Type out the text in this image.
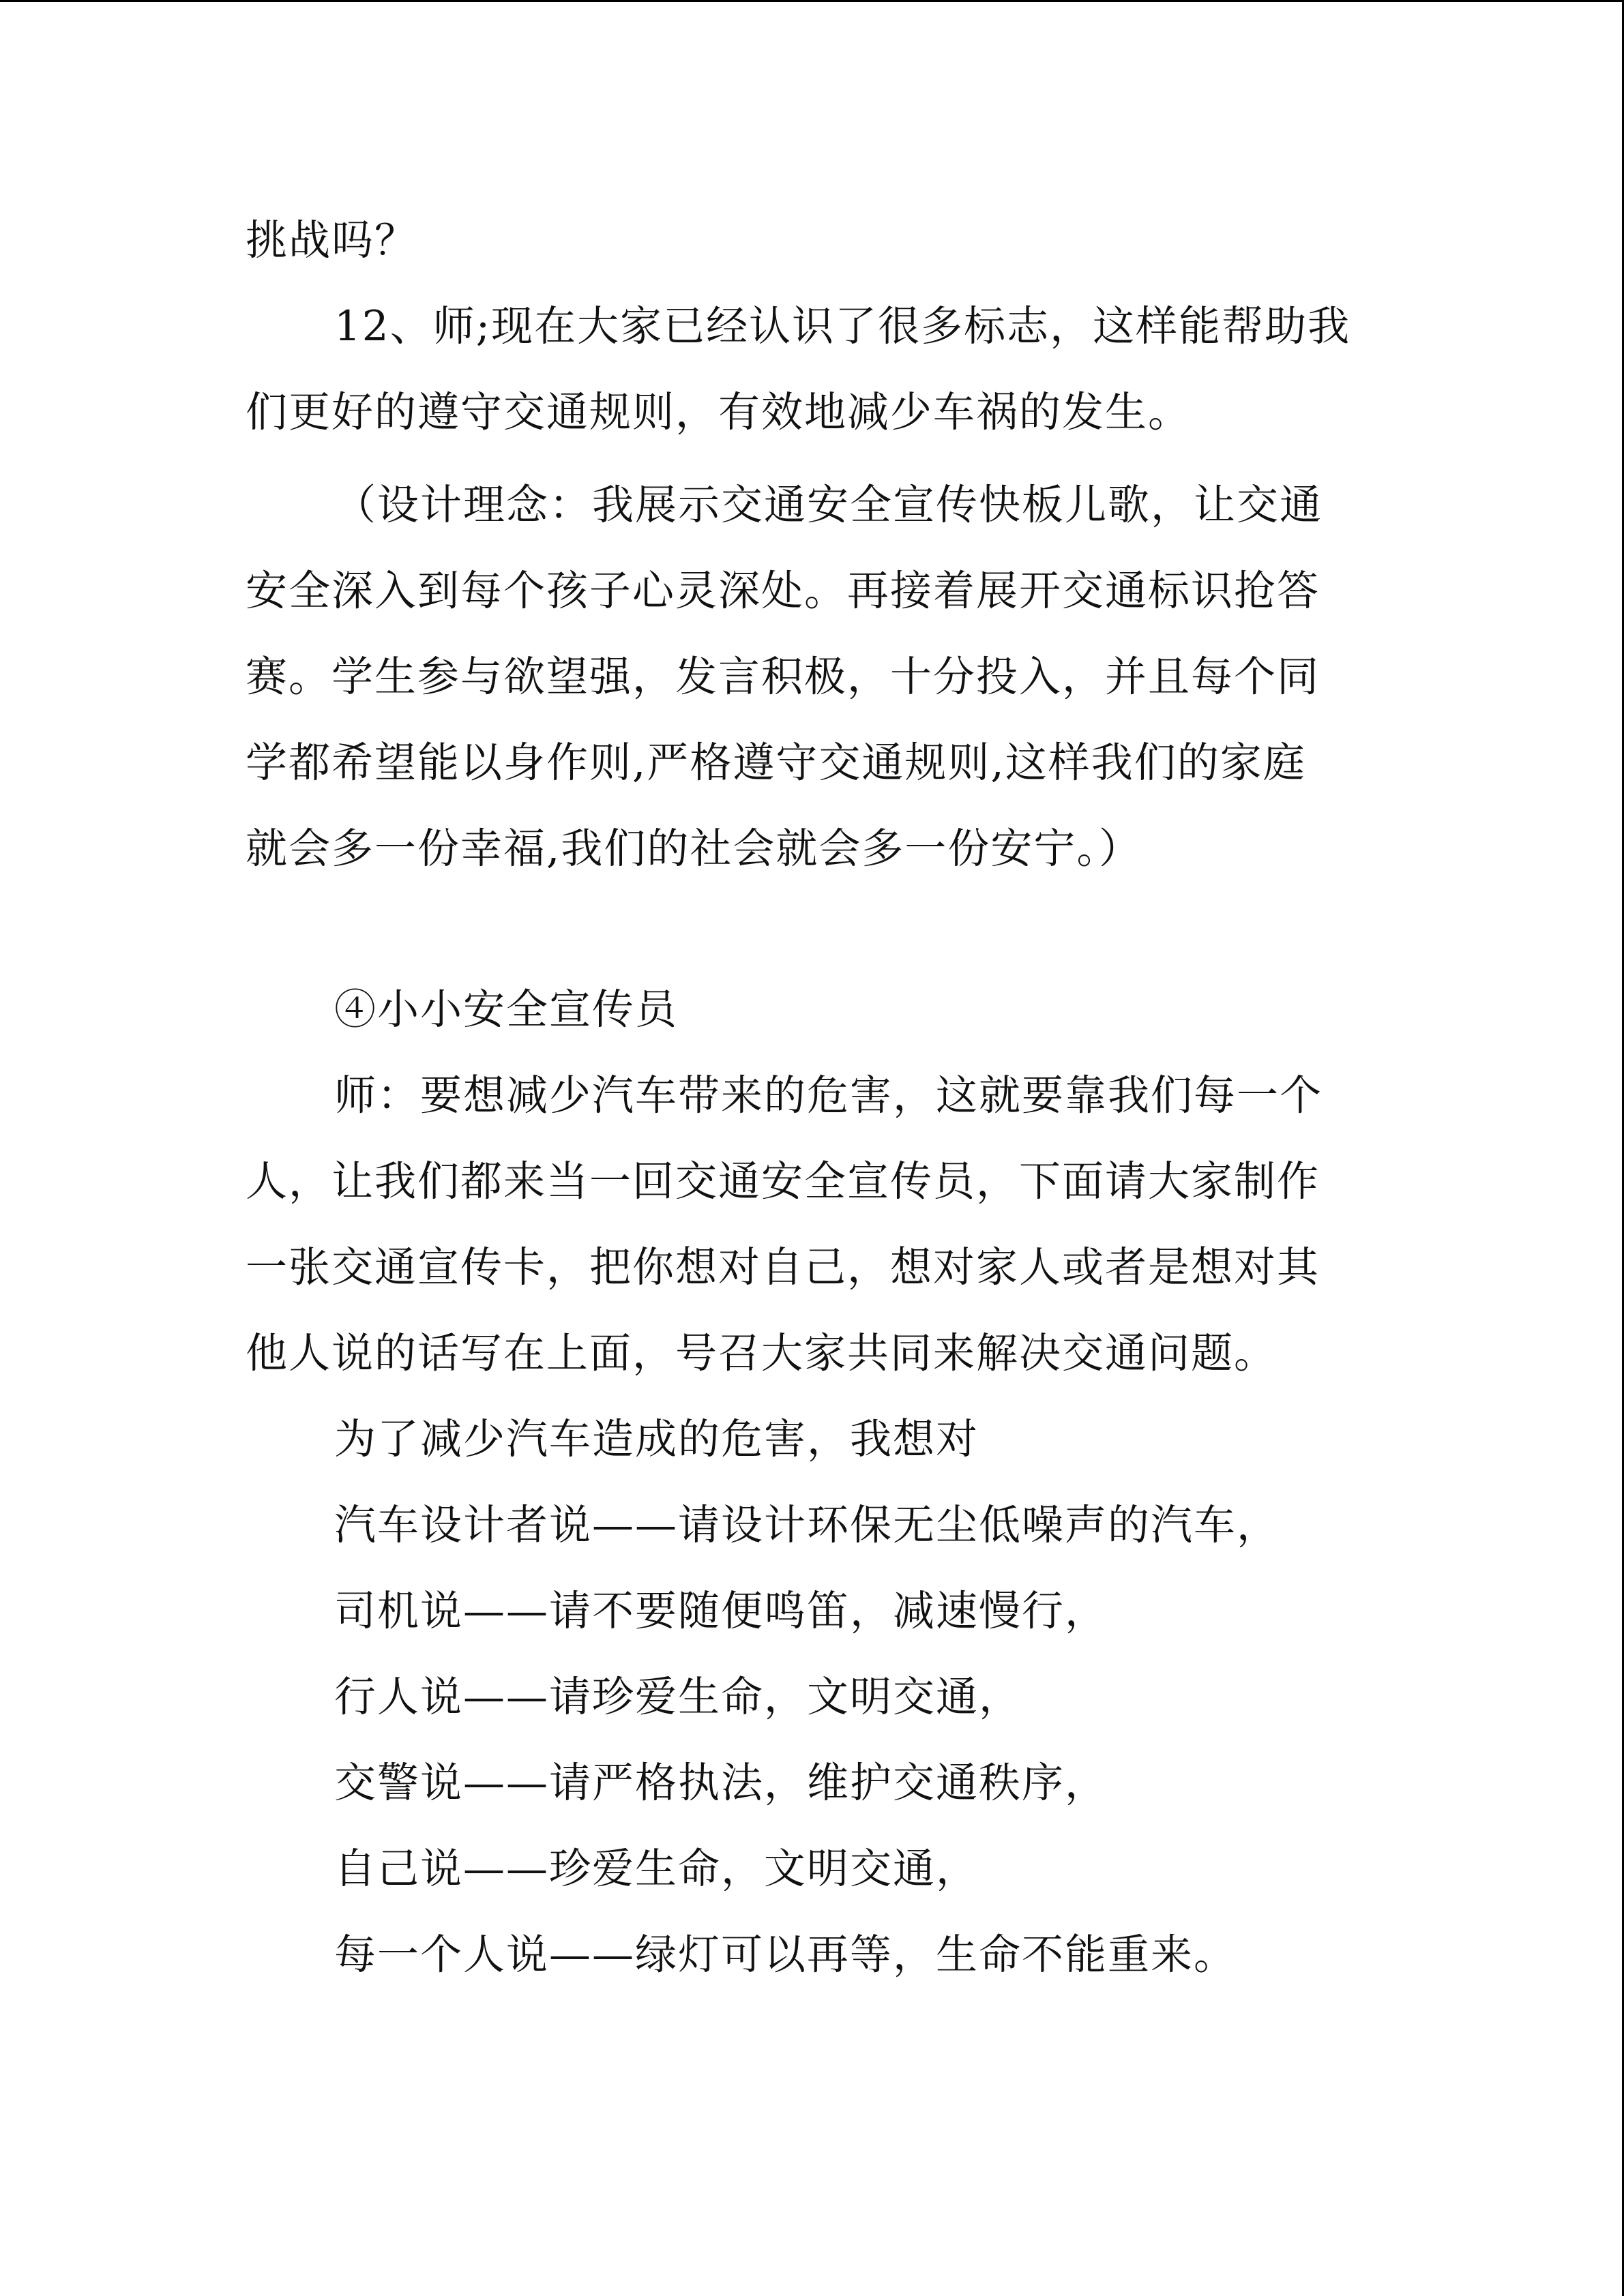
挑战吗？
12、师;现在大家已经认识了很多标志，这样能帮助我
们更好的遵守交通规则，有效地减少车祸的发生。
（设计理念：我展示交通安全宣传快板儿歌，让交通
安全深入到每个孩子心灵深处。再接着展开交通标识抢答
赛。学生参与欲望强，发言积极，十分投入，并且每个同
学都希望能以身作则,严格遵守交通规则,这样我们的家庭
就会多一份幸福,我们的社会就会多一份安宁。）
④小小安全宣传员
师：要想减少汽车带来的危害，这就要靠我们每一个
人，让我们都来当一回交通安全宣传员，下面请大家制作
一张交通宣传卡，把你想对自己，想对家人或者是想对其
他人说的话写在上面，号召大家共同来解决交通问题。
为了减少汽车造成的危害，我想对
汽车设计者说——请设计环保无尘低噪声的汽车，
司机说——请不要随便鸣笛，减速慢行，
行人说——请珍爱生命，文明交通，
交警说——请严格执法，维护交通秩序，
自己说——珍爱生命，文明交通，
每一个人说——绿灯可以再等，生命不能重来。
